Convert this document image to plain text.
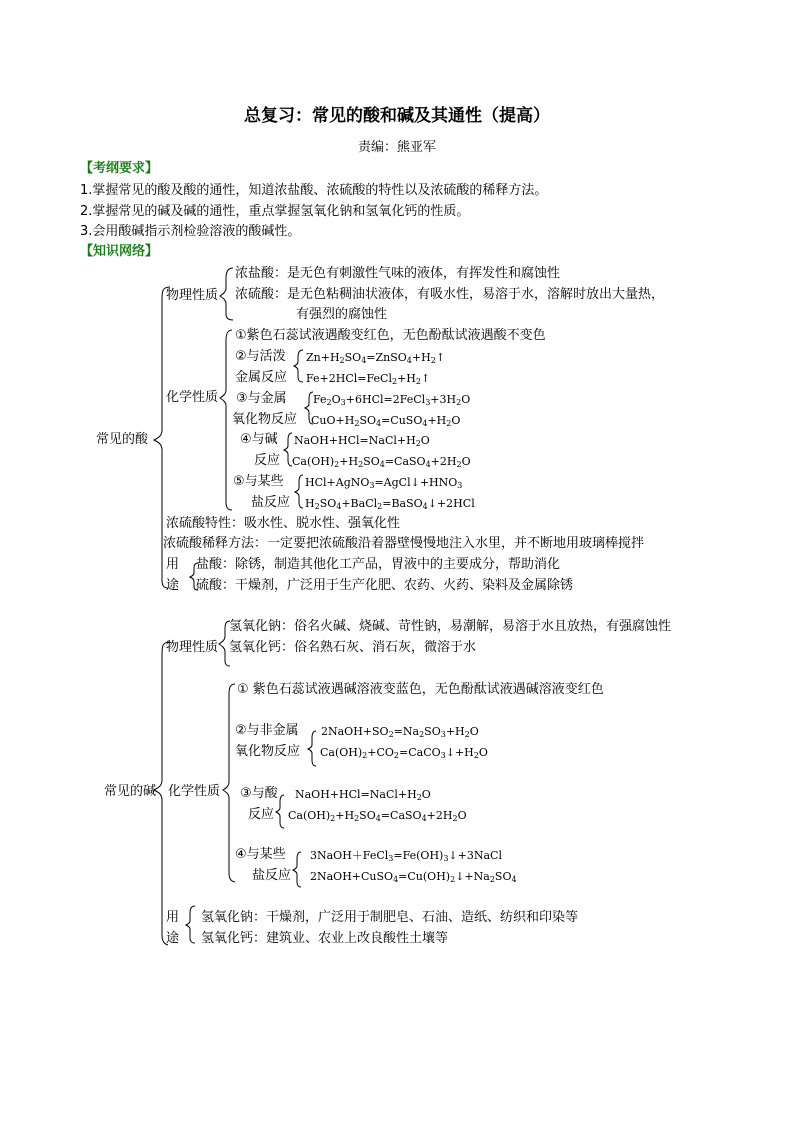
总复习：常见的酸和碱及其通性（提高）
责编：熊亚军
【考纲要求】
1.掌握常见的酸及酸的通性，知道浓盐酸、浓硫酸的特性以及浓硫酸的稀释方法。
2.掌握常见的碱及碱的通性，重点掌握氢氧化钠和氢氧化钙的性质。
3.会用酸碱指示剂检验溶液的酸碱性。
【知识网络】
常见的酸
物理性质
浓盐酸：是无色有刺激性气味的液体，有挥发性和腐蚀性
浓硫酸：是无色粘稠油状液体，有吸水性，易溶于水，溶解时放出大量热，
有强烈的腐蚀性
化学性质
①紫色石蕊试液遇酸变红色，无色酚酞试液遇酸不变色
②与活泼
金属反应
$Zn+H_2SO_4=ZnSO_4+H_2↑$
$Fe+2HCl=FeCl_2+H_2↑$
③与金属
氧化物反应
$Fe_2O_3+6HCl=2FeCl_3+3H_2O$
$CuO+H_2SO_4=CuSO_4+H_2O$
④与碱
反应
$NaOH+HCl=NaCl+H_2O$
$Ca(OH)_2+H_2SO_4=CaSO_4+2H_2O$
⑤与某些
盐反应
$HCl+AgNO_3=AgCl↓+HNO_3$
$H_2SO_4+BaCl_2=BaSO_4↓+2HCl$
浓硫酸特性：吸水性、脱水性、强氧化性
浓硫酸稀释方法：一定要把浓硫酸沿着器壁慢慢地注入水里，并不断地用玻璃棒搅拌
用
途
盐酸：除锈，制造其他化工产品，胃液中的主要成分，帮助消化
硫酸：干燥剂，广泛用于生产化肥、农药、火药、染料及金属除锈
常见的碱
物理性质
氢氧化钠：俗名火碱、烧碱、苛性钠，易潮解，易溶于水且放热，有强腐蚀性
氢氧化钙：俗名熟石灰、消石灰，微溶于水
化学性质
① 紫色石蕊试液遇碱溶液变蓝色，无色酚酞试液遇碱溶液变红色
②与非金属
氧化物反应
$2NaOH+SO_2=Na_2SO_3+H_2O$
$Ca(OH)_2+CO_2=CaCO_3↓+H_2O$
③与酸
反应
$NaOH+HCl=NaCl+H_2O$
$Ca(OH)_2+H_2SO_4=CaSO_4+2H_2O$
④与某些
盐反应
$3NaOH+FeCl_3=Fe(OH)_3↓+3NaCl$
$2NaOH+CuSO_4=Cu(OH)_2↓+Na_2SO_4$
用
途
氢氧化钠：干燥剂，广泛用于制肥皂、石油、造纸、纺织和印染等
氢氧化钙：建筑业、农业上改良酸性土壤等
